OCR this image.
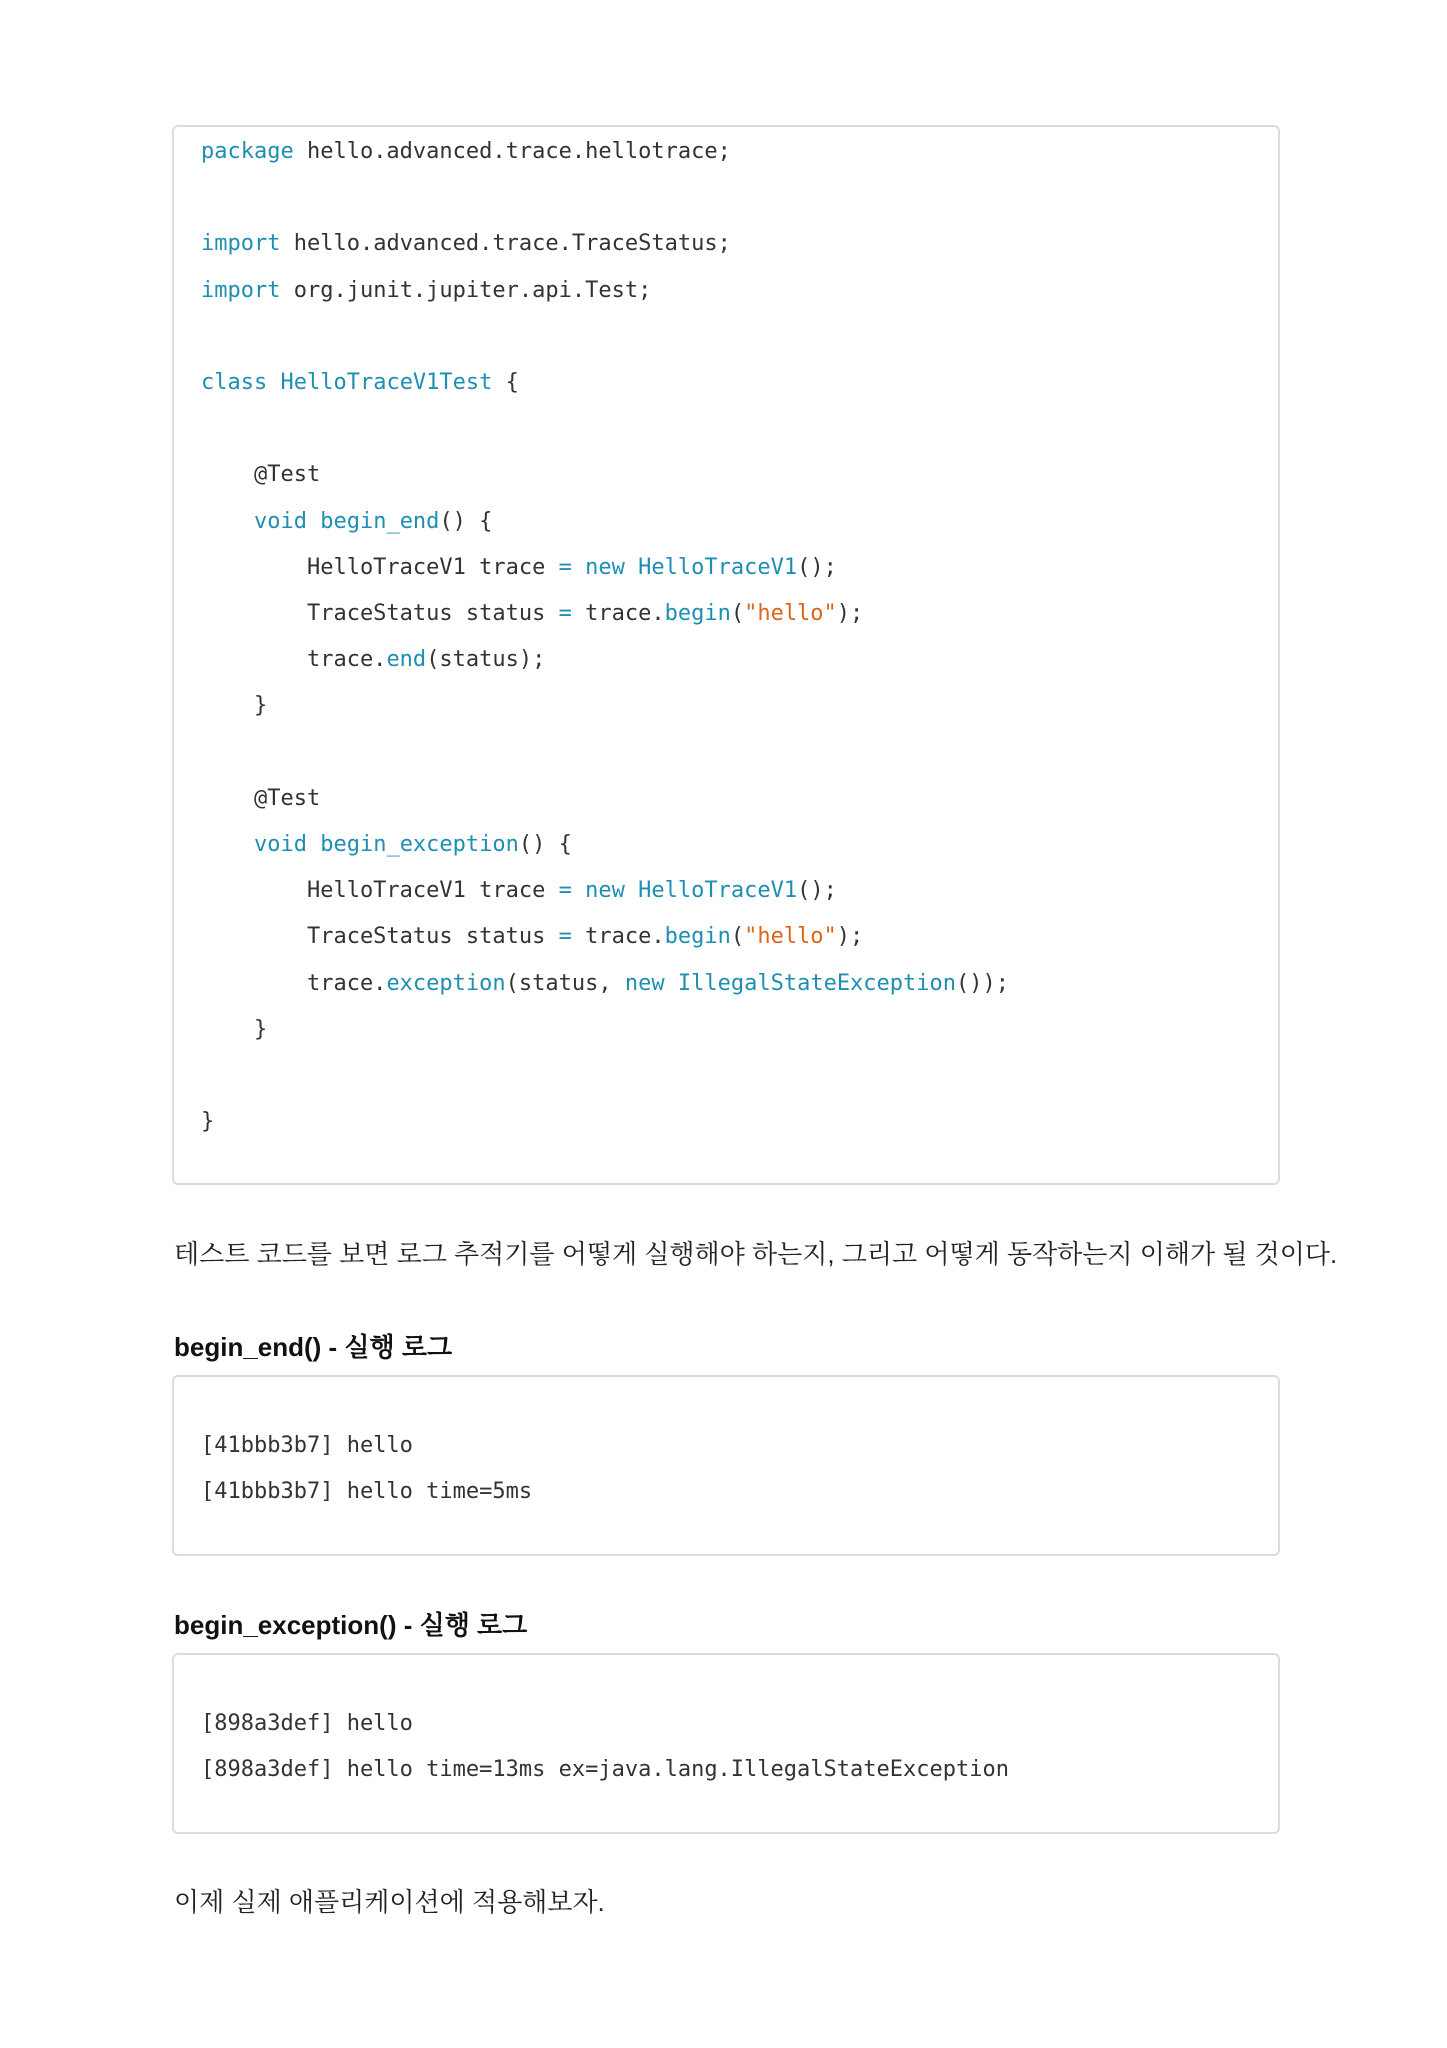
package hello.advanced.trace.hellotrace;
import hello.advanced.trace.TraceStatus;
import org.junit.jupiter.api.Test;
class HelloTraceV1Test {
@Test
void begin_end() {
HelloTraceV1 trace = new HelloTraceV1();
TraceStatus status = trace.begin("hello");
trace.end(status);
}
@Test
void begin_exception() {
HelloTraceV1 trace = new HelloTraceV1();
TraceStatus status = trace.begin("hello");
trace.exception(status, new IllegalStateException());
}
}

테스트 코드를 보면 로그 추적기를 어떻게 실행해야 하는지, 그리고 어떻게 동작하는지 이해가 될 것이다.
begin_end() - 실행 로그

[41bbb3b7] hello

[41bbb3b7] hello time=5ms

begin_exception() - 실행 로그

[898a3def] hello

[898a3def] hello time=13ms ex=java.lang.IllegalStateException

이제 실제 애플리케이션에 적용해보자.
